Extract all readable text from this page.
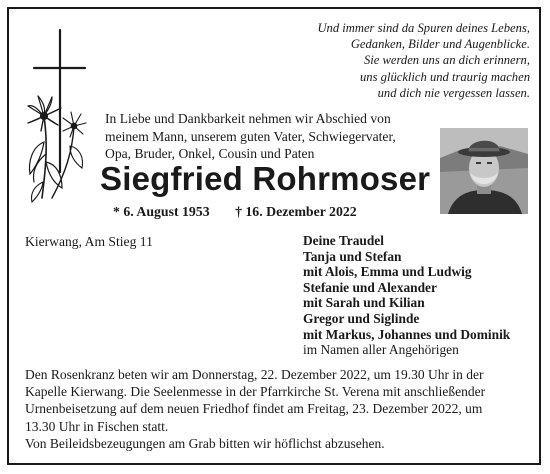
Und immer sind da Spuren deines Lebens,
Gedanken, Bilder und Augenblicke.
Sie werden uns an dich erinnern,
uns glücklich und traurig machen
und dich nie vergessen lassen.
In Liebe und Dankbarkeit nehmen wir Abschied von
meinem Mann, unserem guten Vater, Schwiegervater,
Opa, Bruder, Onkel, Cousin und Paten
Siegfried Rohrmoser
* 6. August 1953 † 16. Dezember 2022
Kierwang, Am Stieg 11	Deine Traudel
Tanja und Stefan
mit Alois, Emma und Ludwig
Stefanie und Alexander
mit Sarah und Kilian
Gregor und Siglinde
mit Markus, Johannes und Dominik
im Namen aller Angehörigen
Den Rosenkranz beten wir am Donnerstag, 22. Dezember 2022, um 19.30 Uhr in der
Kapelle Kierwang. Die Seelenmesse in der Pfarrkirche St. Verena mit anschließender
Urnenbeisetzung auf dem neuen Friedhof findet am Freitag, 23. Dezember 2022, um
13.30 Uhr in Fischen statt.
Von Beileidsbezeugungen am Grab bitten wir höflichst abzusehen.
